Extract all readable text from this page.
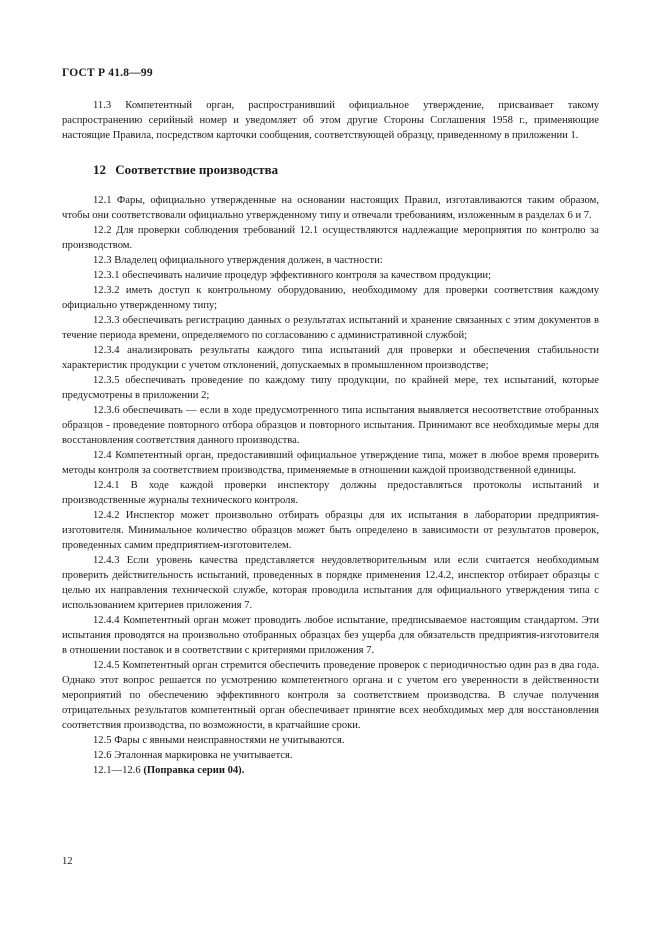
ГОСТ Р 41.8—99

11.3 Компетентный орган, распространивший официальное утверждение, присваивает такому распространению серийный номер и уведомляет об этом другие Стороны Соглашения 1958 г., применяющие настоящие Правила, посредством карточки сообщения, соответствующей образцу, приведенному в приложении 1.

12 Соответствие производства

12.1 Фары, официально утвержденные на основании настоящих Правил, изготавливаются таким образом, чтобы они соответствовали официально утвержденному типу и отвечали требованиям, изложенным в разделах 6 и 7.

12.2 Для проверки соблюдения требований 12.1 осуществляются надлежащие мероприятия по контролю за производством.

12.3 Владелец официального утверждения должен, в частности:

12.3.1 обеспечивать наличие процедур эффективного контроля за качеством продукции;

12.3.2 иметь доступ к контрольному оборудованию, необходимому для проверки соответствия каждому официально утвержденному типу;

12.3.3 обеспечивать регистрацию данных о результатах испытаний и хранение связанных с этим документов в течение периода времени, определяемого по согласованию с административной службой;

12.3.4 анализировать результаты каждого типа испытаний для проверки и обеспечения стабильности характеристик продукции с учетом отклонений, допускаемых в промышленном производстве;

12.3.5 обеспечивать проведение по каждому типу продукции, по крайней мере, тех испытаний, которые предусмотрены в приложении 2;

12.3.6 обеспечивать — если в ходе предусмотренного типа испытания выявляется несоответствие отобранных образцов - проведение повторного отбора образцов и повторного испытания. Принимают все необходимые меры для восстановления соответствия данного производства.

12.4 Компетентный орган, предоставивший официальное утверждение типа, может в любое время проверить методы контроля за соответствием производства, применяемые в отношении каждой производственной единицы.

12.4.1 В ходе каждой проверки инспектору должны предоставляться протоколы испытаний и производственные журналы технического контроля.

12.4.2 Инспектор может произвольно отбирать образцы для их испытания в лаборатории предприятия-изготовителя. Минимальное количество образцов может быть определено в зависимости от результатов проверок, проведенных самим предприятием-изготовителем.

12.4.3 Если уровень качества представляется неудовлетворительным или если считается необходимым проверить действительность испытаний, проведенных в порядке применения 12.4.2, инспектор отбирает образцы с целью их направления технической службе, которая проводила испытания для официального утверждения типа с использованием критериев приложения 7.

12.4.4 Компетентный орган может проводить любое испытание, предписываемое настоящим стандартом. Эти испытания проводятся на произвольно отобранных образцах без ущерба для обязательств предприятия-изготовителя в отношении поставок и в соответствии с критериями приложения 7.

12.4.5 Компетентный орган стремится обеспечить проведение проверок с периодичностью один раз в два года. Однако этот вопрос решается по усмотрению компетентного органа и с учетом его уверенности в действенности мероприятий по обеспечению эффективного контроля за соответствием производства. В случае получения отрицательных результатов компетентный орган обеспечивает принятие всех необходимых мер для восстановления соответствия производства, по возможности, в кратчайшие сроки.

12.5 Фары с явными неисправностями не учитываются.

12.6 Эталонная маркировка не учитывается.

12.1—12.6 (Поправка серии 04).

12
